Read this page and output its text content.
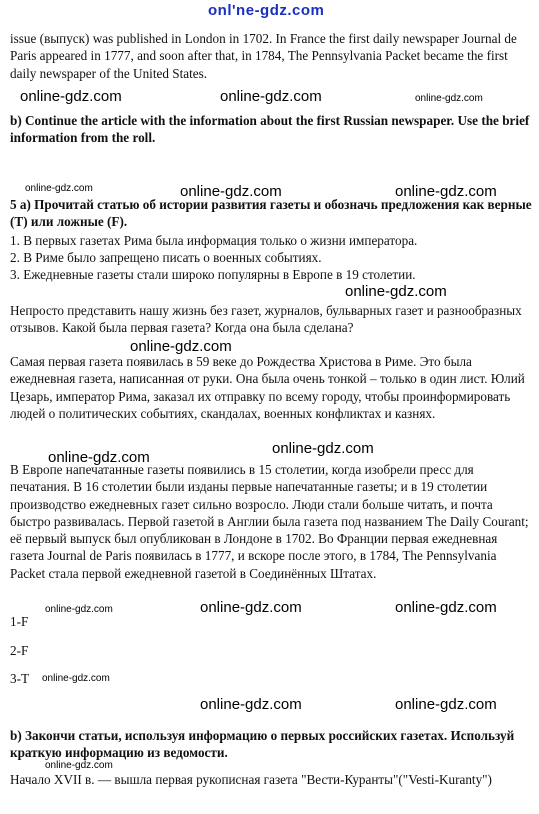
onl'ne-gdz.com

issue (выпуск) was published in London in 1702. In France the first daily newspaper Journal de Paris appeared in 1777, and soon after that, in 1784, The Pennsylvania Packet became the first daily newspaper of the United States.

online-gdz.com	online-gdz.com	online-gdz.com

b) Continue the article with the information about the first Russian newspaper. Use the brief information from the roll.

online-gdz.com	online-gdz.com	online-gdz.com

5 а) Прочитай статью об истории развития газеты и обозначь предложения как верные (T) или ложные (F).

1. В первых газетах Рима была информация только о жизни императора.

2. В Риме было запрещено писать о военных событиях.

3. Ежедневные газеты стали широко популярны в Европе в 19 столетии.

online-gdz.com

Непросто представить нашу жизнь без газет, журналов, бульварных газет и разнообразных отзывов. Какой была первая газета? Когда она была сделана?

online-gdz.com

Самая первая газета появилась в 59 веке до Рождества Христова в Риме. Это была ежедневная газета, написанная от руки. Она была очень тонкой – только в один лист. Юлий Цезарь, император Рима, заказал их отправку по всему городу, чтобы проинформировать людей о политических событиях, скандалах, военных конфликтах и казнях.

online-gdz.com
online-gdz.com

В Европе напечатанные газеты появились в 15 столетии, когда изобрели пресс для печатания. В 16 столетии были изданы первые напечатанные газеты; и в 19 столетии производство ежедневных газет сильно возросло. Люди стали больше читать, и почта быстро развивалась. Первой газетой в Англии была газета под названием The Daily Courant; её первый выпуск был опубликован в Лондоне в 1702. Во Франции первая ежедневная газета Journal de Paris появилась в 1777, и вскоре после этого, в 1784, The Pennsylvania Packet стала первой ежедневной газетой в Соединённых Штатах.

online-gdz.com	online-gdz.com	online-gdz.com
1-F
2-F
3-T online-gdz.com
online-gdz.com	online-gdz.com

b) Закончи статьи, используя информацию о первых российских газетах. Используй краткую информацию из ведомости.

online-gdz.com

Начало XVII в. — вышла первая рукописная газета "Вести-Куранты"("Vesti-Kuranty")
